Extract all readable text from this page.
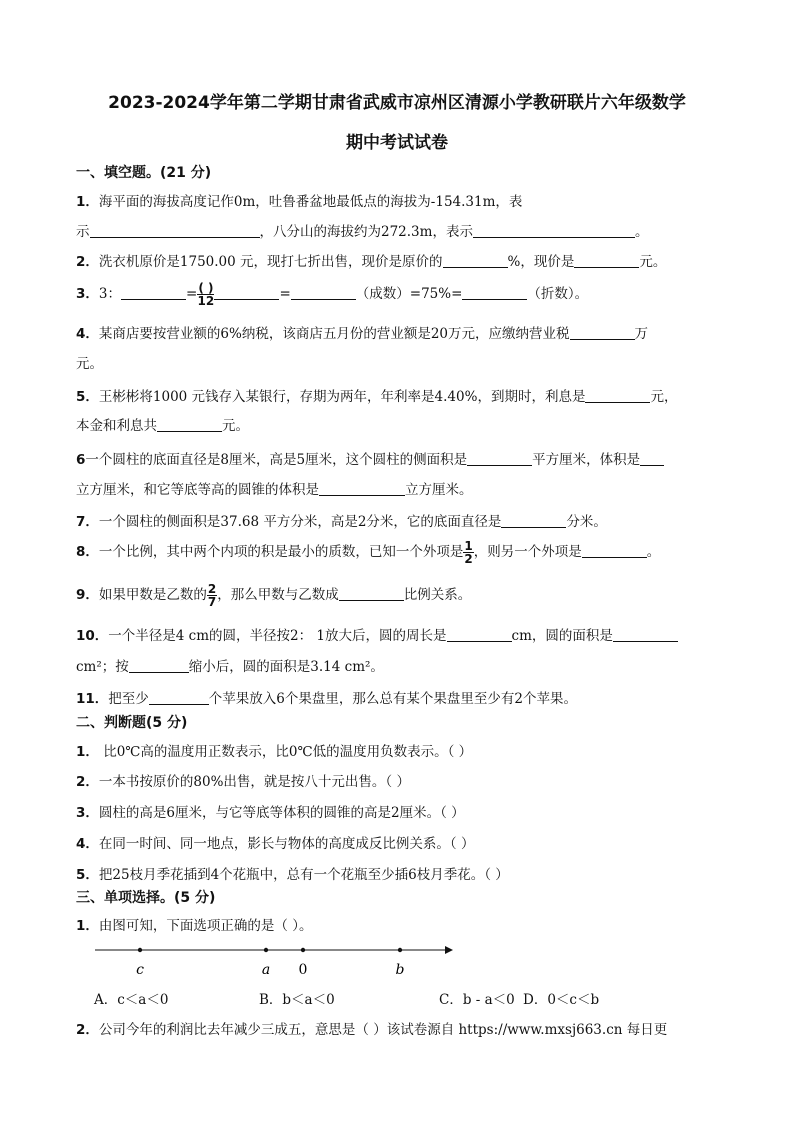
2023-2024学年第二学期甘肃省武威市凉州区清源小学教研联片六年级数学
期中考试试卷
一、填空题。(21 分)
1．海平面的海拔高度记作0m，吐鲁番盆地最低点的海拔为-154.31m，表
示	，八分山的海拔约为272.3m，表示	。
2．洗衣机原价是1750.00 元，现打七折出售，现价是原价的	%，现价是	元。
3．3：	= $\frac{( )}{12}$	=	（成数）=75%=	（折数）。
4．某商店要按营业额的6%纳税，该商店五月份的营业额是20万元，应缴纳营业税	万
元。
5．王彬彬将1000 元钱存入某银行，存期为两年，年利率是4.40%，到期时，利息是	元，
本金和利息共	元。
6一个圆柱的底面直径是8厘米，高是5厘米，这个圆柱的侧面积是	平方厘米，体积是
立方厘米，和它等底等高的圆锥的体积是	立方厘米。
7．一个圆柱的侧面积是37.68 平方分米，高是2分米，它的底面直径是	分米。
8．一个比例，其中两个内项的积是最小的质数，已知一个外项是 $\frac{1}{2}$ ，则另一个外项是	。
9．如果甲数是乙数的 $\frac{2}{7}$ ，那么甲数与乙数成	比例关系。
10．一个半径是4 cm的圆，半径按2： 1放大后，圆的周长是	cm，圆的面积是
cm²；按	缩小后，圆的面积是3.14 cm²。
11．把至少	个苹果放入6个果盘里，那么总有某个果盘里至少有2个苹果。
二、判断题(5 分)
1． 比0℃高的温度用正数表示，比0℃低的温度用负数表示。（ ）
2．一本书按原价的80%出售，就是按八十元出售。（ ）
3．圆柱的高是6厘米，与它等底等体积的圆锥的高是2厘米。（ ）
4．在同一时间、同一地点，影长与物体的高度成反比例关系。（ ）
5．把25枝月季花插到4个花瓶中，总有一个花瓶至少插6枝月季花。（ ）
三、单项选择。(5 分)
1．由图可知，下面选项正确的是（ ）。
c	a 0	b
A．c＜a＜0	B．b＜a＜0	C．b - a＜0 D．0＜c＜b
2．公司今年的利润比去年减少三成五，意思是（ ）该试卷源自 https://www.mxsj663.cn 每日更
